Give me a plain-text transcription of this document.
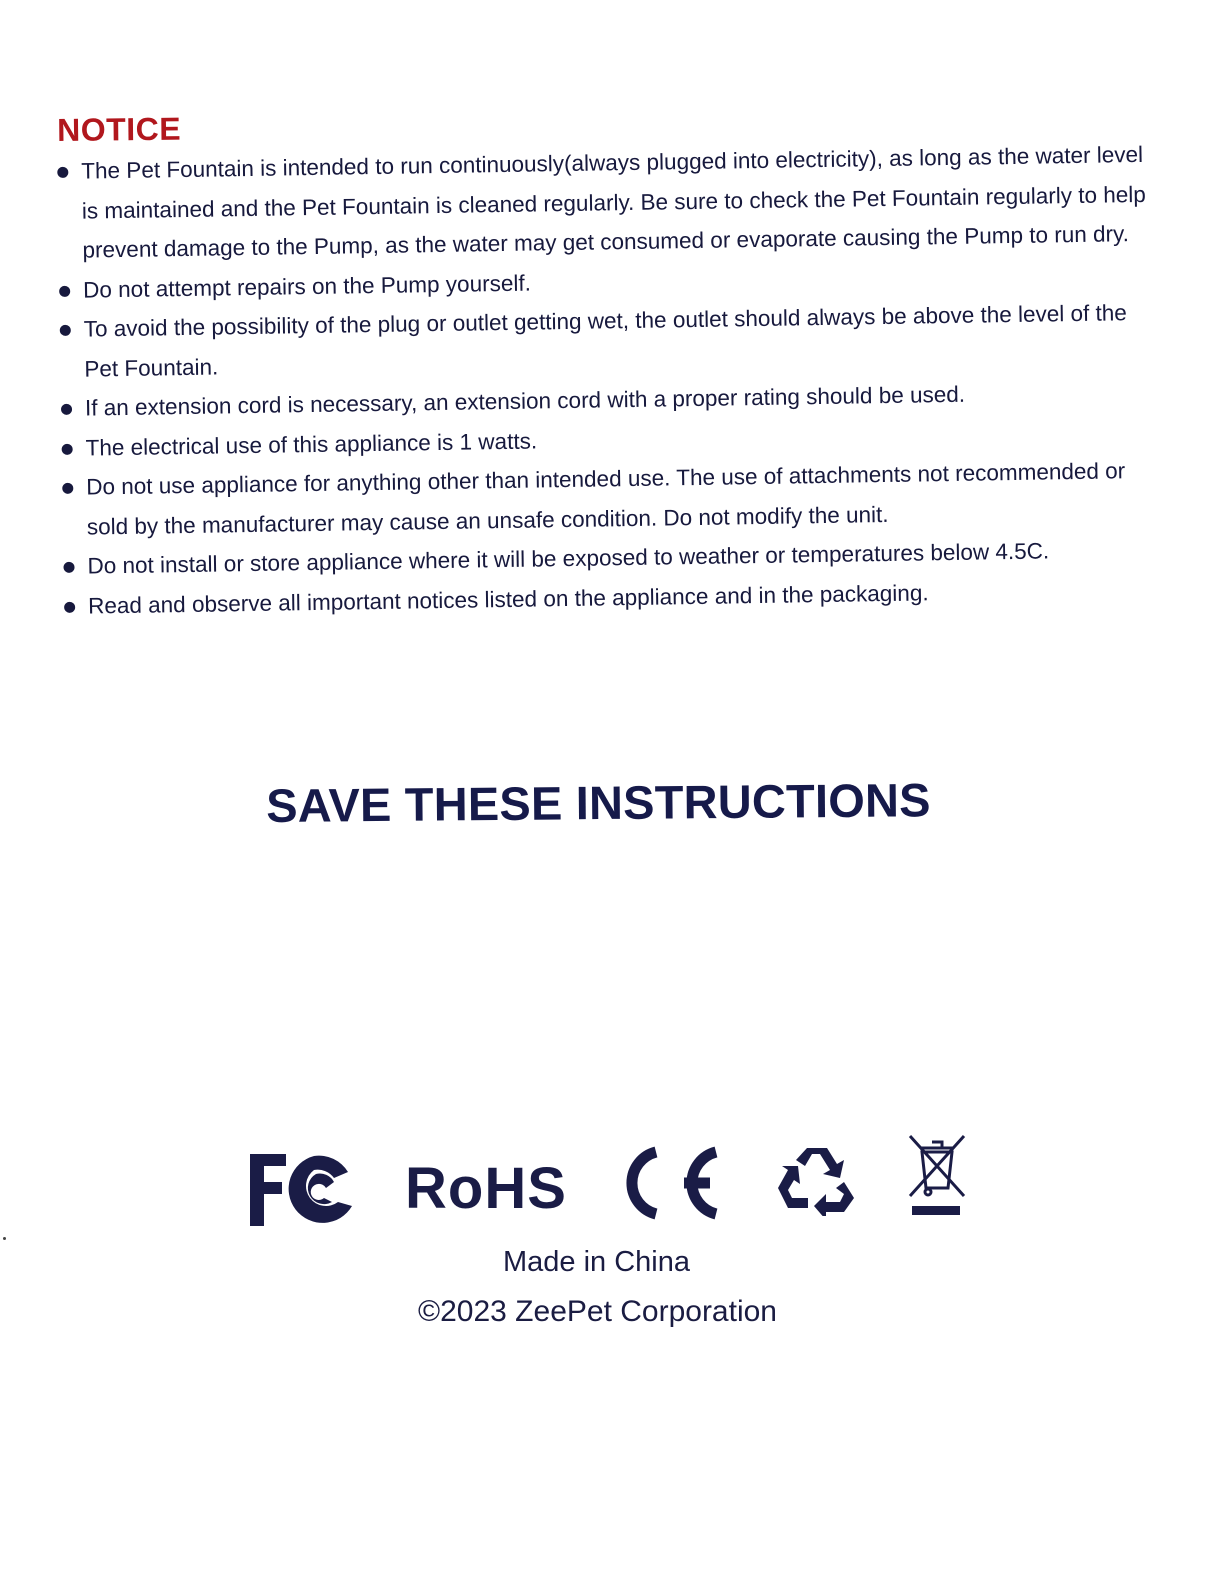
NOTICE
The Pet Fountain is intended to run continuously(always plugged into electricity), as long as the water level is maintained and the Pet Fountain is cleaned regularly. Be sure to check the Pet Fountain regularly to help prevent damage to the Pump, as the water may get consumed or evaporate causing the Pump to run dry.
Do not attempt repairs on the Pump yourself.
To avoid the possibility of the plug or outlet getting wet, the outlet should always be above the level of the Pet Fountain.
If an extension cord is necessary, an extension cord with a proper rating should be used.
The electrical use of this appliance is 1 watts.
Do not use appliance for anything other than intended use. The use of attachments not recommended or sold by the manufacturer may cause an unsafe condition. Do not modify the unit.
Do not install or store appliance where it will be exposed to weather or temperatures below 4.5C.
Read and observe all important notices listed on the appliance and in the packaging.
SAVE THESE INSTRUCTIONS
RoHS
Made in China
©2023 ZeePet Corporation
